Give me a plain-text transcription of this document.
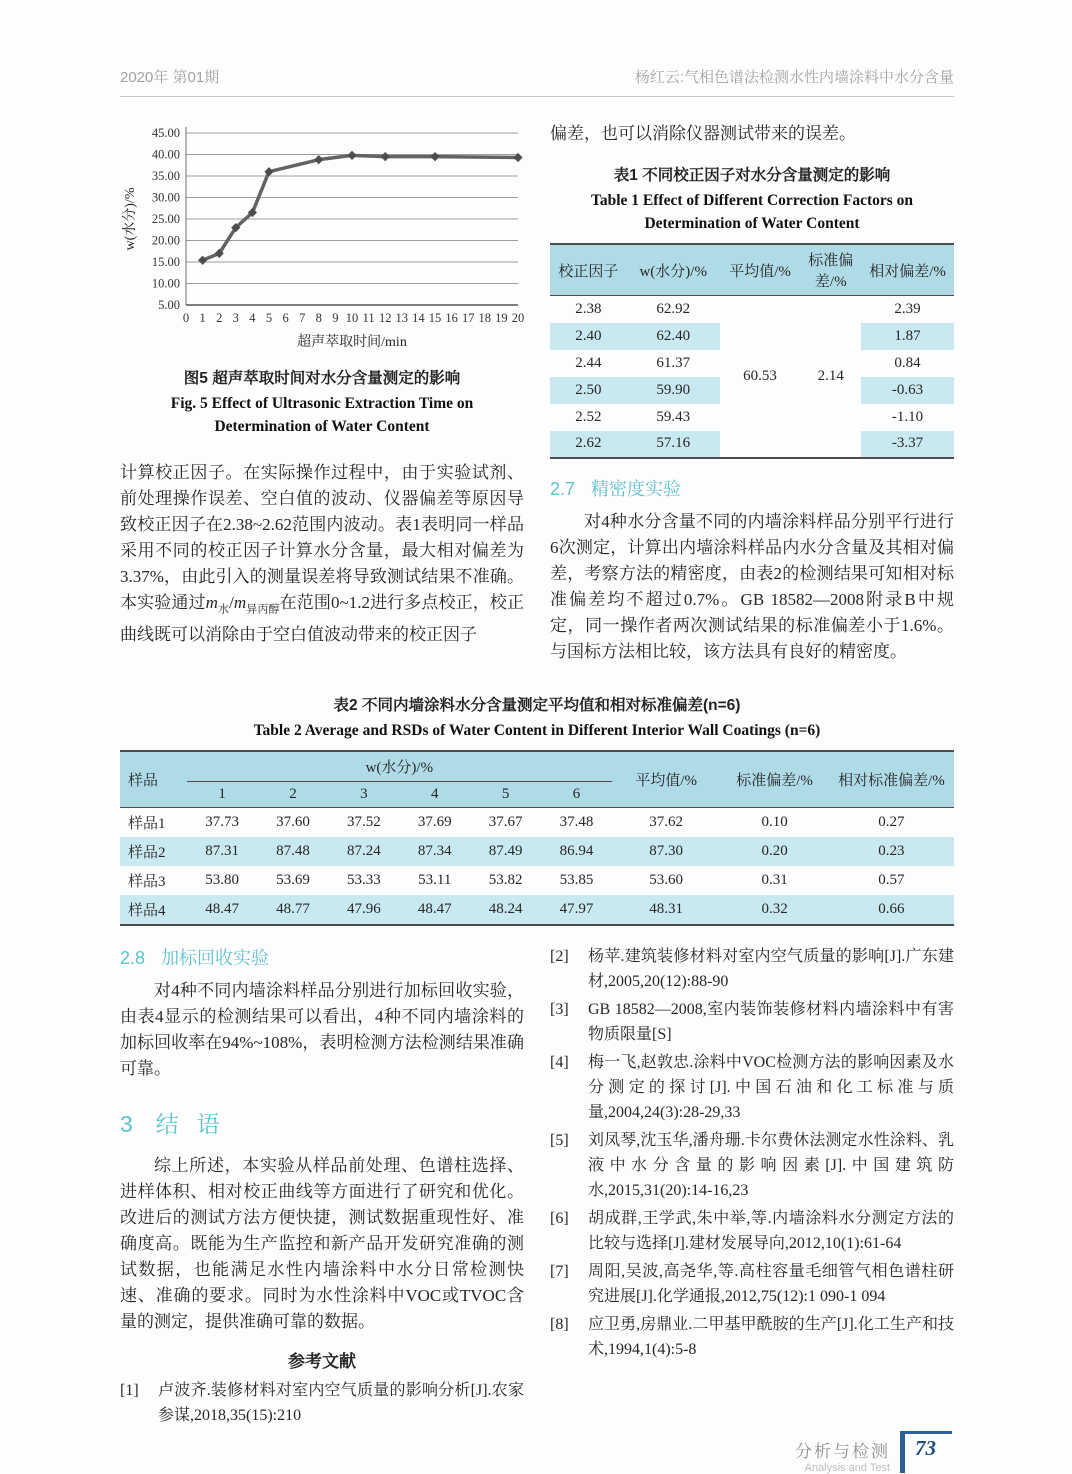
2020年 第01期	杨红云:气相色谱法检测水性内墙涂料中水分含量
5.00
10.00
15.00
20.00
25.00
30.00
35.00
40.00
45.00
0 1 2 3 4 5 6 7 8 9 10 11 12 13 14 15 16 17 18 19 20
w(水分)/%
超声萃取时间/min
图5 超声萃取时间对水分含量测定的影响
Fig. 5 Effect of Ultrasonic Extraction Time on
Determination of Water Content

计算校正因子。在实际操作过程中，由于实验试剂、前处理操作误差、空白值的波动、仪器偏差等原因导致校正因子在2.38~2.62范围内波动。表1表明同一样品采用不同的校正因子计算水分含量，最大相对偏差为3.37%，由此引入的测量误差将导致测试结果不准确。本实验通过$m_水/m_{异丙醇}$在范围0~1.2进行多点校正，校正曲线既可以消除由于空白值波动带来的校正因子

偏差，也可以消除仪器测试带来的误差。

表1 不同校正因子对水分含量测定的影响
Table 1 Effect of Different Correction Factors on
Determination of Water Content
校正因子	w(水分)/%	平均值/%	标准偏差/%	相对偏差/%
2.38	62.92	60.53	2.14	2.39
2.40	62.40			1.87
2.44	61.37			0.84
2.50	59.90			-0.63
2.52	59.43			-1.10
2.62	57.16			-3.37
2.7 精密度实验

对4种水分含量不同的内墙涂料样品分别平行进行6次测定，计算出内墙涂料样品内水分含量及其相对偏差，考察方法的精密度，由表2的检测结果可知相对标准偏差均不超过0.7%。GB 18582—2008附录B中规定，同一操作者两次测试结果的标准偏差小于1.6%。与国标方法相比较，该方法具有良好的精密度。

表2 不同内墙涂料水分含量测定平均值和相对标准偏差(n=6)
Table 2 Average and RSDs of Water Content in Different Interior Wall Coatings (n=6)
样品	w(水分)/%						平均值/%	标准偏差/%	相对标准偏差/%
	1	2	3	4	5	6			
样品1	37.73	37.60	37.52	37.69	37.67	37.48	37.62	0.10	0.27
样品2	87.31	87.48	87.24	87.34	87.49	86.94	87.30	0.20	0.23
样品3	53.80	53.69	53.33	53.11	53.82	53.85	53.60	0.31	0.57
样品4	48.47	48.77	47.96	48.47	48.24	47.97	48.31	0.32	0.66
2.8 加标回收实验

对4种不同内墙涂料样品分别进行加标回收实验，由表4显示的检测结果可以看出，4种不同内墙涂料的加标回收率在94%~108%，表明检测方法检测结果准确可靠。

3 结语

综上所述，本实验从样品前处理、色谱柱选择、进样体积、相对校正曲线等方面进行了研究和优化。改进后的测试方法方便快捷，测试数据重现性好、准确度高。既能为生产监控和新产品开发研究准确的测试数据，也能满足水性内墙涂料中水分日常检测快速、准确的要求。同时为水性涂料中VOC或TVOC含量的测定，提供准确可靠的数据。

参考文献
[1]	卢波齐.装修材料对室内空气质量的影响分析[J].农家参谋,2018,35(15):210
[2]	杨苹.建筑装修材料对室内空气质量的影响[J].广东建材,2005,20(12):88-90
[3]	GB 18582—2008,室内装饰装修材料内墙涂料中有害物质限量[S]
[4]	梅一飞,赵敦忠.涂料中VOC检测方法的影响因素及水分测定的探讨[J].中国石油和化工标准与质量,2004,24(3):28-29,33
[5]	刘凤琴,沈玉华,潘舟珊.卡尔费休法测定水性涂料、乳液中水分含量的影响因素[J].中国建筑防水,2015,31(20):14-16,23
[6]	胡成群,王学武,朱中举,等.内墙涂料水分测定方法的比较与选择[J].建材发展导向,2012,10(1):61-64
[7]	周阳,吴波,高尧华,等.高柱容量毛细管气相色谱柱研究进展[J].化学通报,2012,75(12):1 090-1 094
[8]	应卫勇,房鼎业.二甲基甲酰胺的生产[J].化工生产和技术,1994,1(4):5-8
分析与检测
Analysis and Test
73
